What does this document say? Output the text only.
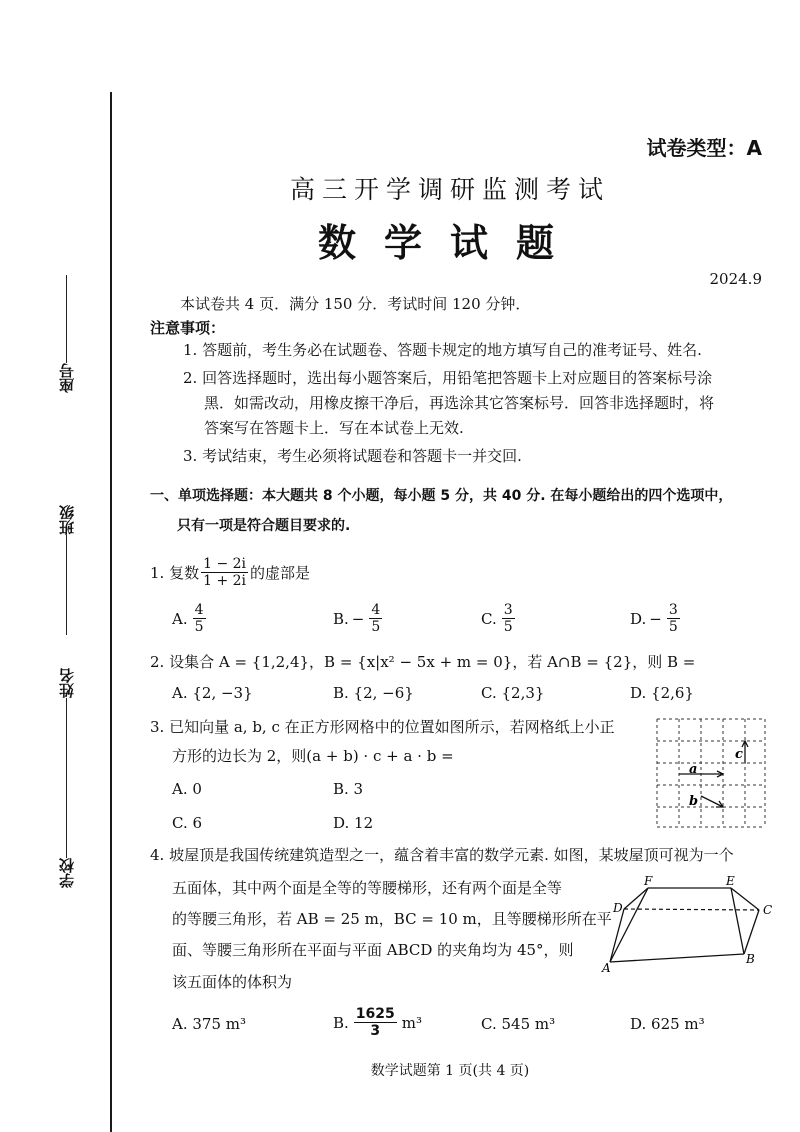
座号
班级
姓名
学校
试卷类型：A
高三开学调研监测考试
数学试题
2024.9
本试卷共 4 页．满分 150 分．考试时间 120 分钟．
注意事项：
1. 答题前，考生务必在试题卷、答题卡规定的地方填写自己的准考证号、姓名.
2. 回答选择题时，选出每小题答案后，用铅笔把答题卡上对应题目的答案标号涂
黑．如需改动，用橡皮擦干净后，再选涂其它答案标号．回答非选择题时，将
答案写在答题卡上．写在本试卷上无效.
3. 考试结束，考生必须将试题卷和答题卡一并交回.
一、单项选择题：本大题共 8 个小题，每小题 5 分，共 40 分. 在每小题给出的四个选项中，
只有一项是符合题目要求的.
1. 复数 $\frac{1 - 2i}{1 + 2i}$ 的虚部是
A. $\frac{4}{5}$	B. − $\frac{4}{5}$	C. $\frac{3}{5}$	D. − $\frac{3}{5}$
2. 设集合 A = {1,2,4}，B = {x|x² − 5x + m = 0}，若 A∩B = {2}，则 B =
A. {2, −3}	B. {2, −6}	C. {2,3}	D. {2,6}
3. 已知向量 a, b, c 在正方形网格中的位置如图所示，若网格纸上小正
方形的边长为 2，则(a + b) · c + a · b =
A. 0	B. 3
C. 6	D. 12
a
b
c
4. 坡屋顶是我国传统建筑造型之一，蕴含着丰富的数学元素. 如图，某坡屋顶可视为一个
五面体，其中两个面是全等的等腰梯形，还有两个面是全等
的等腰三角形，若 AB = 25 m，BC = 10 m，且等腰梯形所在平
面、等腰三角形所在平面与平面 ABCD 的夹角均为 45°，则
该五面体的体积为
F	E
D	C
A
B
A. 375 m³	B. $\frac{1625}{3} m^3$	C. 545 m³	D. 625 m³
数学试题第 1 页(共 4 页)
